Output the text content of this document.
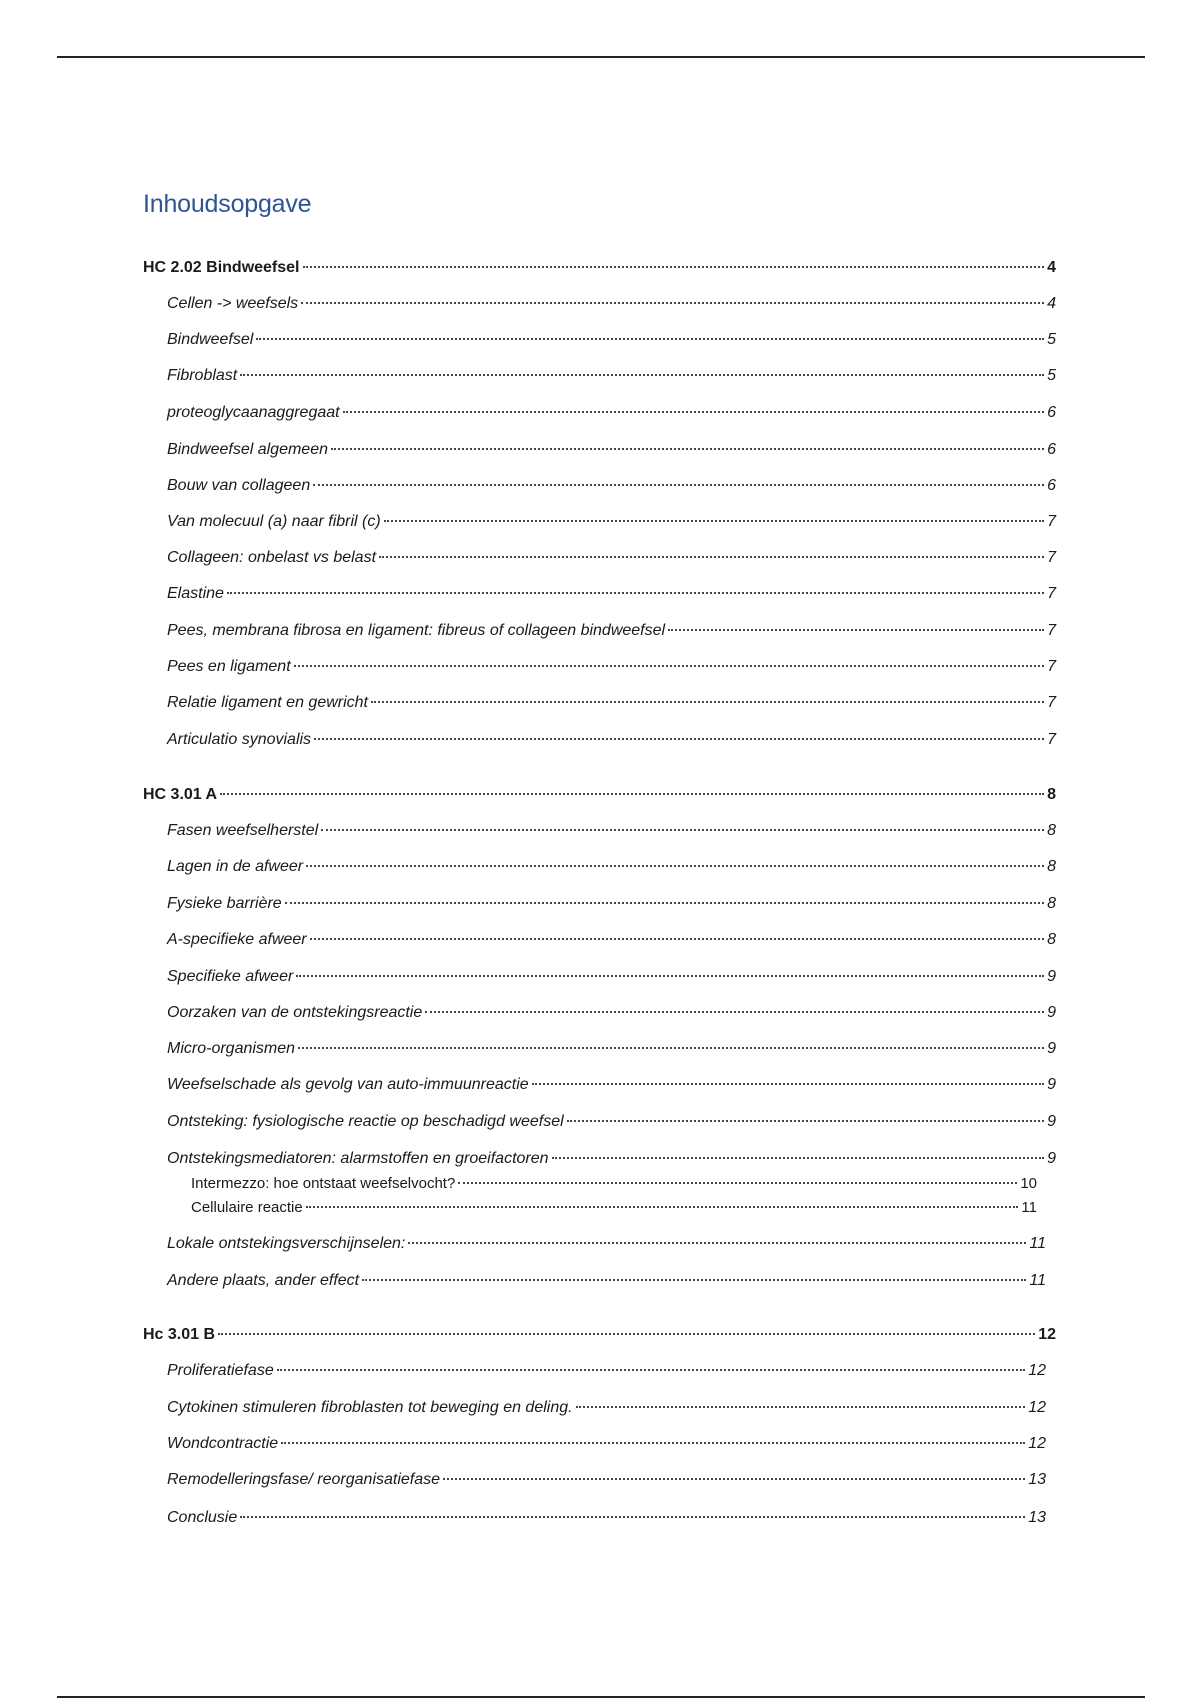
Inhoudsopgave
HC 2.02 Bindweefsel	4
Cellen -> weefsels	4
Bindweefsel	5
Fibroblast	5
proteoglycaanaggregaat	6
Bindweefsel algemeen	6
Bouw van collageen	6
Van molecuul (a) naar fibril (c)	7
Collageen: onbelast vs belast	7
Elastine	7
Pees, membrana fibrosa en ligament: fibreus of collageen bindweefsel	7
Pees en ligament	7
Relatie ligament en gewricht	7
Articulatio synovialis	7
HC 3.01 A	8
Fasen weefselherstel	8
Lagen in de afweer	8
Fysieke barrière	8
A-specifieke afweer	8
Specifieke afweer	9
Oorzaken van de ontstekingsreactie	9
Micro-organismen	9
Weefselschade als gevolg van auto-immuunreactie	9
Ontsteking: fysiologische reactie op beschadigd weefsel	9
Ontstekingsmediatoren: alarmstoffen en groeifactoren	9
Intermezzo: hoe ontstaat weefselvocht?	10
Cellulaire reactie	11
Lokale ontstekingsverschijnselen:	11
Andere plaats, ander effect	11
Hc 3.01 B	12
Proliferatiefase	12
Cytokinen stimuleren fibroblasten tot beweging en deling.	12
Wondcontractie	12
Remodelleringsfase/ reorganisatiefase	13
Conclusie	13
